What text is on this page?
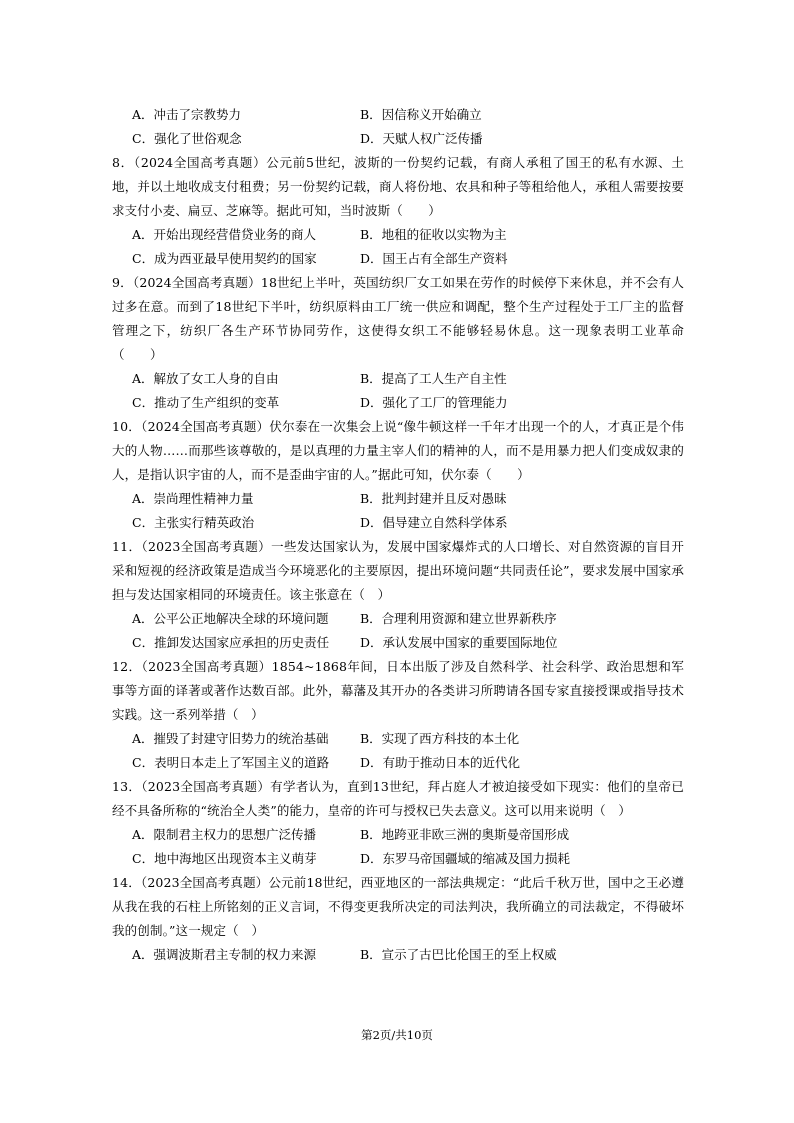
A．冲击了宗教势力	B．因信称义开始确立
C．强化了世俗观念	D．天赋人权广泛传播
8．（2024全国高考真题）公元前5世纪，波斯的一份契约记载，有商人承租了国王的私有水源、土地，并以土地收成支付租费；另一份契约记载，商人将份地、农具和种子等租给他人，承租人需要按要求支付小麦、扁豆、芝麻等。据此可知，当时波斯（　　）
A．开始出现经营借贷业务的商人	B．地租的征收以实物为主
C．成为西亚最早使用契约的国家	D．国王占有全部生产资料
9．（2024全国高考真题）18世纪上半叶，英国纺织厂女工如果在劳作的时候停下来休息，并不会有人过多在意。而到了18世纪下半叶，纺织原料由工厂统一供应和调配，整个生产过程处于工厂主的监督管理之下，纺织厂各生产环节协同劳作，这使得女织工不能够轻易休息。这一现象表明工业革命（　　）
A．解放了女工人身的自由	B．提高了工人生产自主性
C．推动了生产组织的变革	D．强化了工厂的管理能力
10．（2024全国高考真题）伏尔泰在一次集会上说“像牛顿这样一千年才出现一个的人，才真正是个伟大的人物……而那些该尊敬的，是以真理的力量主宰人们的精神的人，而不是用暴力把人们变成奴隶的人，是指认识宇宙的人，而不是歪曲宇宙的人。”据此可知，伏尔泰（　　）
A．崇尚理性精神力量	B．批判封建并且反对愚昧
C．主张实行精英政治	D．倡导建立自然科学体系
11．（2023全国高考真题）一些发达国家认为，发展中国家爆炸式的人口增长、对自然资源的盲目开采和短视的经济政策是造成当今环境恶化的主要原因，提出环境问题“共同责任论”，要求发展中国家承担与发达国家相同的环境责任。该主张意在（　）
A．公平公正地解决全球的环境问题	B．合理利用资源和建立世界新秩序
C．推卸发达国家应承担的历史责任	D．承认发展中国家的重要国际地位
12．（2023全国高考真题）1854~1868年间，日本出版了涉及自然科学、社会科学、政治思想和军事等方面的译著或著作达数百部。此外，幕藩及其开办的各类讲习所聘请各国专家直接授课或指导技术实践。这一系列举措（　）
A．摧毁了封建守旧势力的统治基础	B．实现了西方科技的本土化
C．表明日本走上了军国主义的道路	D．有助于推动日本的近代化
13．（2023全国高考真题）有学者认为，直到13世纪，拜占庭人才被迫接受如下现实：他们的皇帝已经不具备所称的“统治全人类”的能力，皇帝的许可与授权已失去意义。这可以用来说明（　）
A．限制君主权力的思想广泛传播	B．地跨亚非欧三洲的奥斯曼帝国形成
C．地中海地区出现资本主义萌芽	D．东罗马帝国疆域的缩减及国力损耗
14．（2023全国高考真题）公元前18世纪，西亚地区的一部法典规定：“此后千秋万世，国中之王必遵从我在我的石柱上所铭刻的正义言词，不得变更我所决定的司法判决，我所确立的司法裁定，不得破坏我的创制。”这一规定（　）
A．强调波斯君主专制的权力来源	B．宣示了古巴比伦国王的至上权威
第2页/共10页
